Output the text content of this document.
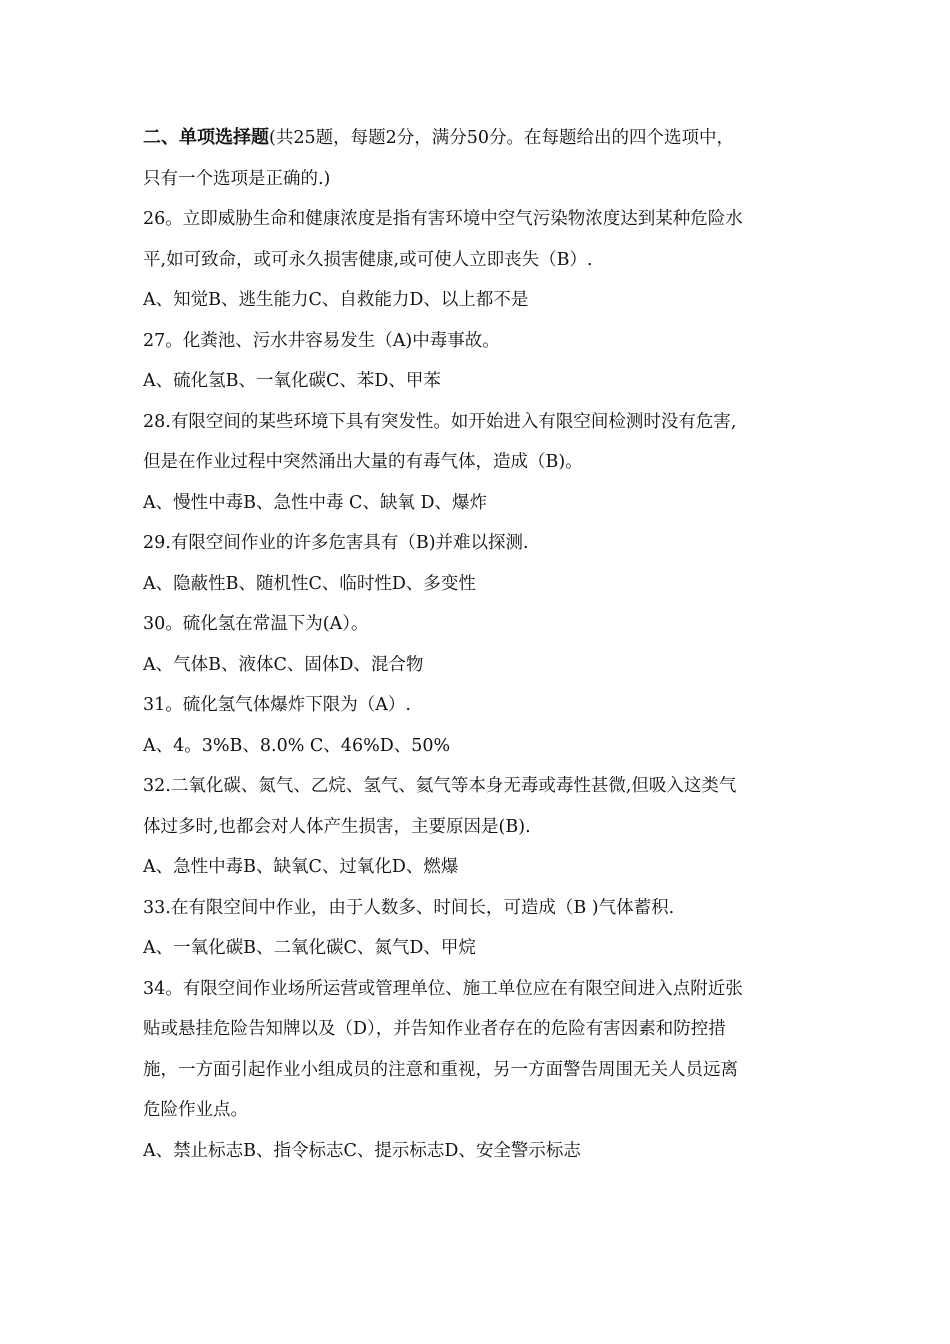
二、单项选择题(共25题，每题2分，满分50分。在每题给出的四个选项中，
只有一个选项是正确的.)
26。立即威胁生命和健康浓度是指有害环境中空气污染物浓度达到某种危险水
平,如可致命，或可永久损害健康,或可使人立即丧失（B）.
A、知觉B、逃生能力C、自救能力D、以上都不是
27。化粪池、污水井容易发生（A)中毒事故。
A、硫化氢B、一氧化碳C、苯D、甲苯
28.有限空间的某些环境下具有突发性。如开始进入有限空间检测时没有危害,
但是在作业过程中突然涌出大量的有毒气体，造成（B)。
A、慢性中毒B、急性中毒 C、缺氧 D、爆炸
29.有限空间作业的许多危害具有（B)并难以探测.
A、隐蔽性B、随机性C、临时性D、多变性
30。硫化氢在常温下为(A）。
A、气体B、液体C、固体D、混合物
31。硫化氢气体爆炸下限为（A）.
A、4。3%B、8.0% C、46%D、50%
32.二氧化碳、氮气、乙烷、氢气、氦气等本身无毒或毒性甚微,但吸入这类气
体过多时,也都会对人体产生损害，主要原因是(B).
A、急性中毒B、缺氧C、过氧化D、燃爆
33.在有限空间中作业，由于人数多、时间长，可造成（B )气体蓄积.
A、一氧化碳B、二氧化碳C、氮气D、甲烷
34。有限空间作业场所运营或管理单位、施工单位应在有限空间进入点附近张
贴或悬挂危险告知牌以及（D），并告知作业者存在的危险有害因素和防控措
施，一方面引起作业小组成员的注意和重视，另一方面警告周围无关人员远离
危险作业点。
A、禁止标志B、指令标志C、提示标志D、安全警示标志
